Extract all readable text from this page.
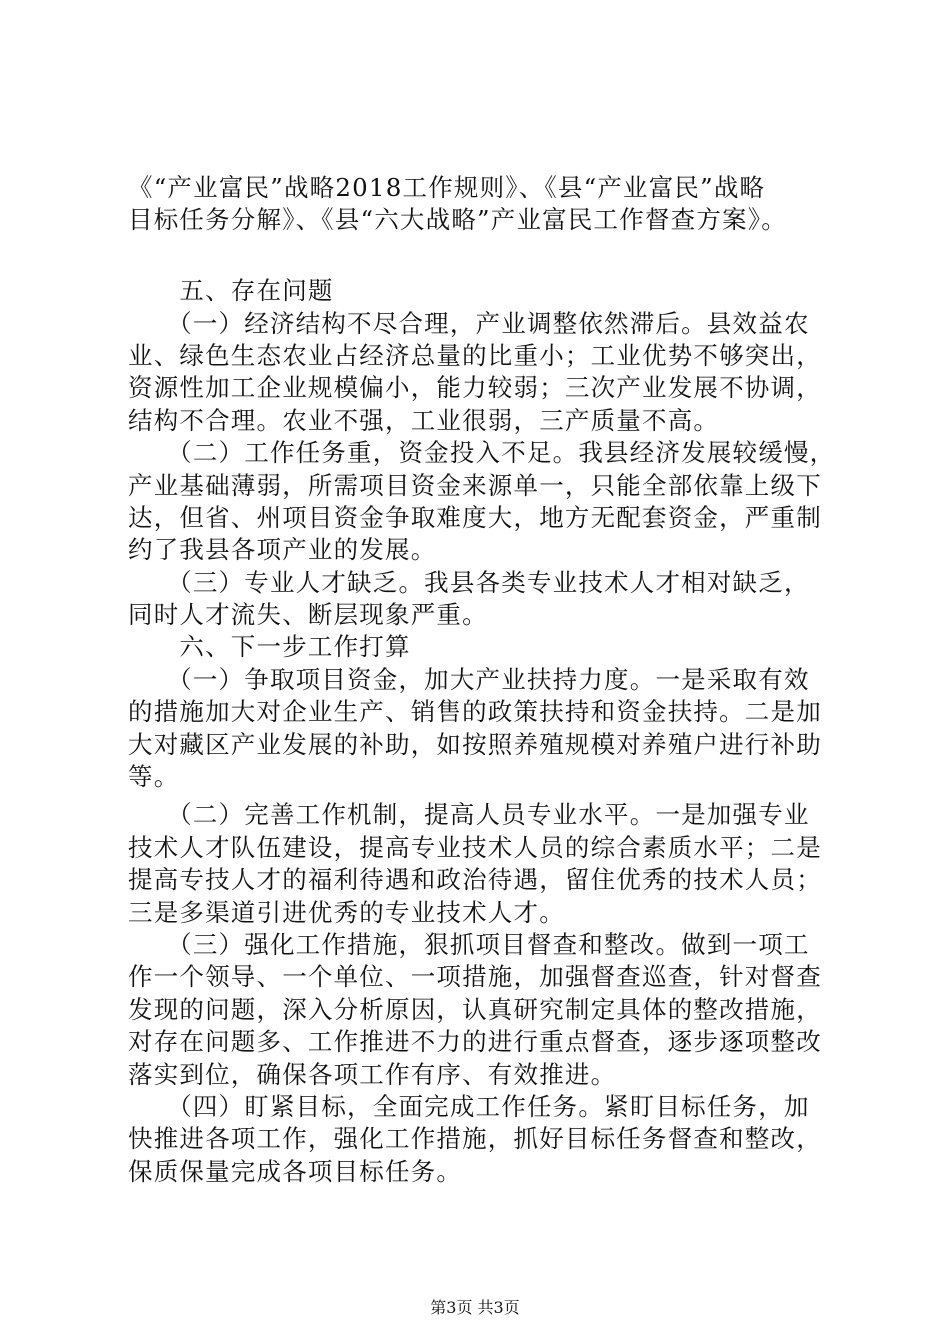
《“产业富民”战略2018工作规则》、《县“产业富民”战略
目标任务分解》、《县“六大战略”产业富民工作督查方案》。
　　五、存在问题
　　（一）经济结构不尽合理，产业调整依然滞后。县效益农
业、绿色生态农业占经济总量的比重小；工业优势不够突出，
资源性加工企业规模偏小，能力较弱；三次产业发展不协调，
结构不合理。农业不强，工业很弱，三产质量不高。
　　（二）工作任务重，资金投入不足。我县经济发展较缓慢，
产业基础薄弱，所需项目资金来源单一，只能全部依靠上级下
达，但省、州项目资金争取难度大，地方无配套资金，严重制
约了我县各项产业的发展。
　　（三）专业人才缺乏。我县各类专业技术人才相对缺乏，
同时人才流失、断层现象严重。
　　六、下一步工作打算
　　（一）争取项目资金，加大产业扶持力度。一是采取有效
的措施加大对企业生产、销售的政策扶持和资金扶持。二是加
大对藏区产业发展的补助，如按照养殖规模对养殖户进行补助
等。
　　（二）完善工作机制，提高人员专业水平。一是加强专业
技术人才队伍建设，提高专业技术人员的综合素质水平；二是
提高专技人才的福利待遇和政治待遇，留住优秀的技术人员；
三是多渠道引进优秀的专业技术人才。
　　（三）强化工作措施，狠抓项目督查和整改。做到一项工
作一个领导、一个单位、一项措施，加强督查巡查，针对督查
发现的问题，深入分析原因，认真研究制定具体的整改措施，
对存在问题多、工作推进不力的进行重点督查，逐步逐项整改
落实到位，确保各项工作有序、有效推进。
　　（四）盯紧目标，全面完成工作任务。紧盯目标任务，加
快推进各项工作，强化工作措施，抓好目标任务督查和整改，
保质保量完成各项目标任务。
第3页 共3页
